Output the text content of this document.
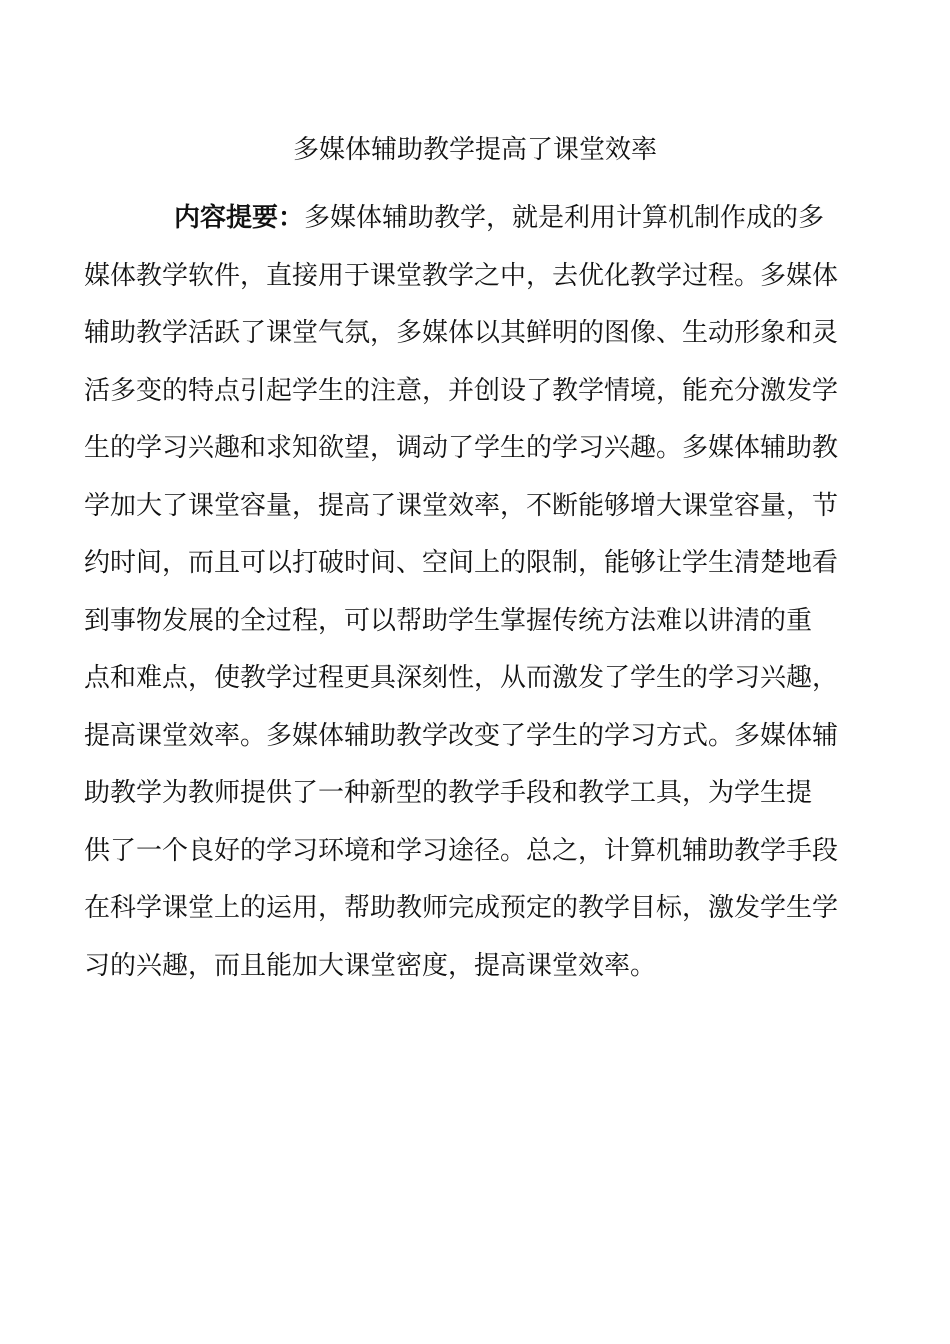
多媒体辅助教学提高了课堂效率
内容提要：多媒体辅助教学，就是利用计算机制作成的多
媒体教学软件，直接用于课堂教学之中，去优化教学过程。多媒体
辅助教学活跃了课堂气氛，多媒体以其鲜明的图像、生动形象和灵
活多变的特点引起学生的注意，并创设了教学情境，能充分激发学
生的学习兴趣和求知欲望，调动了学生的学习兴趣。多媒体辅助教
学加大了课堂容量，提高了课堂效率，不断能够增大课堂容量，节
约时间，而且可以打破时间、空间上的限制，能够让学生清楚地看
到事物发展的全过程，可以帮助学生掌握传统方法难以讲清的重
点和难点，使教学过程更具深刻性，从而激发了学生的学习兴趣，
提高课堂效率。多媒体辅助教学改变了学生的学习方式。多媒体辅
助教学为教师提供了一种新型的教学手段和教学工具，为学生提
供了一个良好的学习环境和学习途径。总之，计算机辅助教学手段
在科学课堂上的运用，帮助教师完成预定的教学目标，激发学生学
习的兴趣，而且能加大课堂密度，提高课堂效率。
